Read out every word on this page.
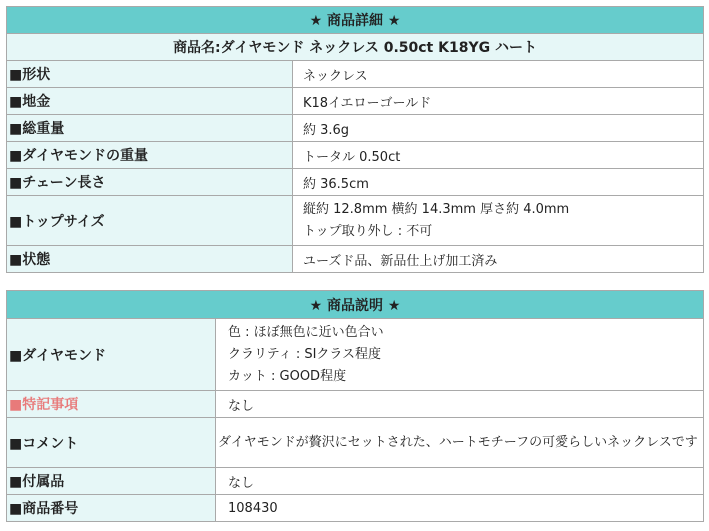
★ 商品詳細 ★	
商品名:ダイヤモンド ネックレス 0.50ct K18YG ハート	
■形状	ネックレス
■地金	K18イエローゴールド
■総重量	約 3.6g
■ダイヤモンドの重量	トータル 0.50ct
■チェーン長さ	約 36.5cm
■トップサイズ	縦約 12.8mm 横約 14.3mm 厚さ約 4.0mm
トップ取り外し : 不可

■状態	ユーズド品、新品仕上げ加工済み
★ 商品説明 ★	
■ダイヤモンド	色 : ほぼ無色に近い色合い
クラリティ : SIクラス程度
カット : GOOD程度

■特記事項	なし
■コメント	ダイヤモンドが贅沢にセットされた、ハートモチーフの可愛らしいネックレスです
■付属品	なし
■商品番号	108430
